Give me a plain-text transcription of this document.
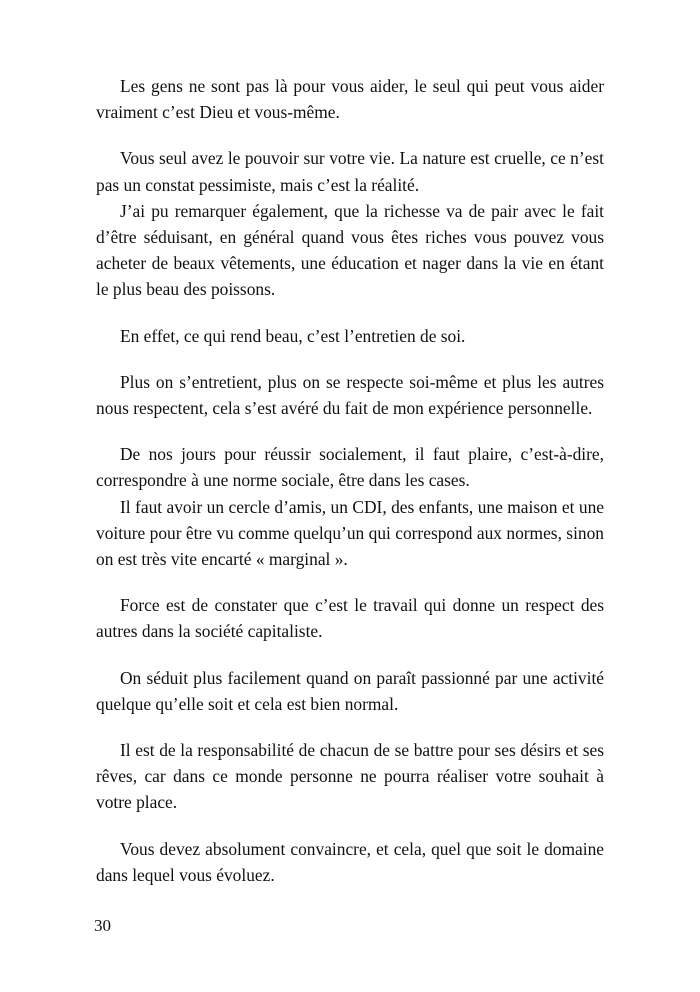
Les gens ne sont pas là pour vous aider, le seul qui peut vous aider vraiment c’est Dieu et vous-même.

Vous seul avez le pouvoir sur votre vie. La nature est cruelle, ce n’est pas un constat pessimiste, mais c’est la réalité.

J’ai pu remarquer également, que la richesse va de pair avec le fait d’être séduisant, en général quand vous êtes riches vous pouvez vous acheter de beaux vêtements, une éducation et nager dans la vie en étant le plus beau des poissons.

En effet, ce qui rend beau, c’est l’entretien de soi.

Plus on s’entretient, plus on se respecte soi-même et plus les autres nous respectent, cela s’est avéré du fait de mon expérience personnelle.

De nos jours pour réussir socialement, il faut plaire, c’est-à-dire, correspondre à une norme sociale, être dans les cases.

Il faut avoir un cercle d’amis, un CDI, des enfants, une maison et une voiture pour être vu comme quelqu’un qui correspond aux normes, sinon on est très vite encarté « marginal ».

Force est de constater que c’est le travail qui donne un respect des autres dans la société capitaliste.

On séduit plus facilement quand on paraît passionné par une activité quelque qu’elle soit et cela est bien normal.

Il est de la responsabilité de chacun de se battre pour ses désirs et ses rêves, car dans ce monde personne ne pourra réaliser votre souhait à votre place.

Vous devez absolument convaincre, et cela, quel que soit le domaine dans lequel vous évoluez.

30
